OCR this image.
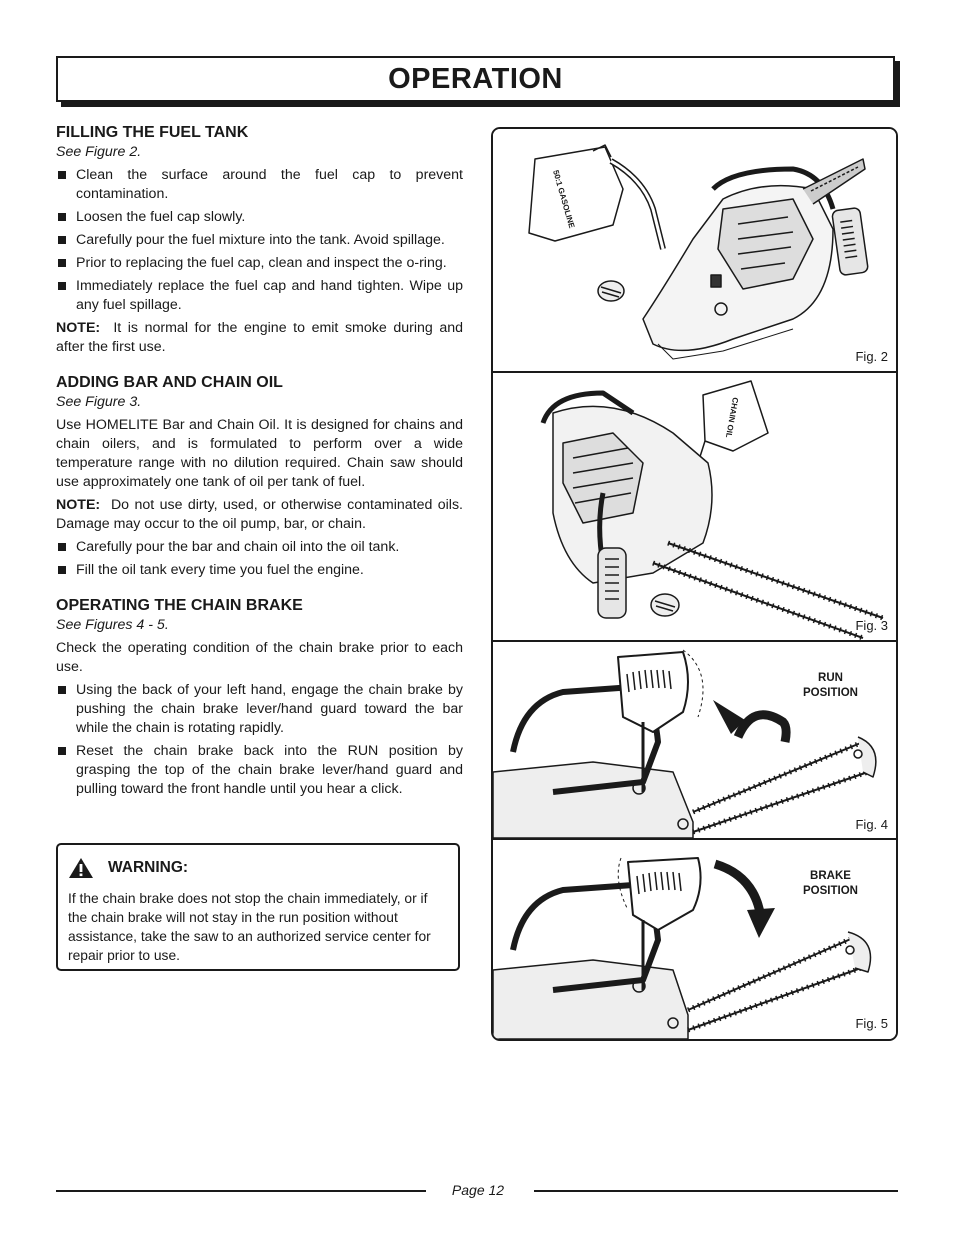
OPERATION
FILLING THE FUEL TANK
See Figure 2.
Clean the surface around the fuel cap to prevent contamination.
Loosen the fuel cap slowly.
Carefully pour the fuel mixture into the tank. Avoid spillage.
Prior to replacing the fuel cap, clean and inspect the o-ring.
Immediately replace the fuel cap and hand tighten. Wipe up any fuel spillage.

NOTE: It is normal for the engine to emit smoke during and after the first use.

ADDING BAR AND CHAIN OIL
See Figure 3.

Use HOMELITE Bar and Chain Oil. It is designed for chains and chain oilers, and is formulated to perform over a wide temperature range with no dilution required. Chain saw should use approximately one tank of oil per tank of fuel.

NOTE: Do not use dirty, used, or otherwise contaminated oils. Damage may occur to the oil pump, bar, or chain.

Carefully pour the bar and chain oil into the oil tank.
Fill the oil tank every time you fuel the engine.
OPERATING THE CHAIN BRAKE
See Figures 4 - 5.

Check the operating condition of the chain brake prior to each use.

Using the back of your left hand, engage the chain brake by pushing the chain brake lever/hand guard toward the bar while the chain is rotating rapidly.
Reset the chain brake back into the RUN position by grasping the top of the chain brake lever/hand guard and pulling toward the front handle until you hear a click.
WARNING:
If the chain brake does not stop the chain immediately, or if the chain brake will not stay in the run position without assistance, take the saw to an authorized service center for repair prior to use.
50:1 GASOLINE
Fig. 2
CHAIN OIL
Fig. 3
RUN
POSITION
Fig. 4
BRAKE
POSITION
Fig. 5
Page 12
